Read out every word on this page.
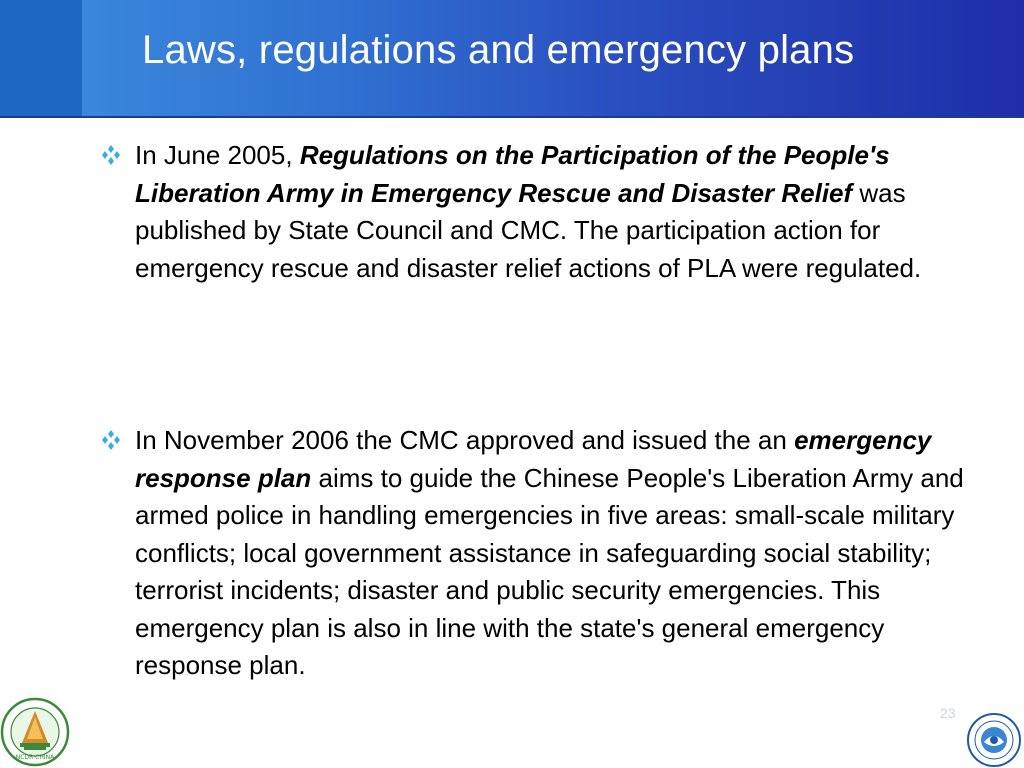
Laws, regulations and emergency plans
In June 2005, Regulations on the Participation of the People's Liberation Army in Emergency Rescue and Disaster Relief was published by State Council and CMC. The participation action for emergency rescue and disaster relief actions of PLA were regulated.
In November 2006 the CMC approved and issued the an emergency response plan aims to guide the Chinese People's Liberation Army and armed police in handling emergencies in five areas: small-scale military conflicts; local government assistance in safeguarding social stability; terrorist incidents; disaster and public security emergencies. This emergency plan is also in line with the state's general emergency response plan.
23
NCDR·CHINA
